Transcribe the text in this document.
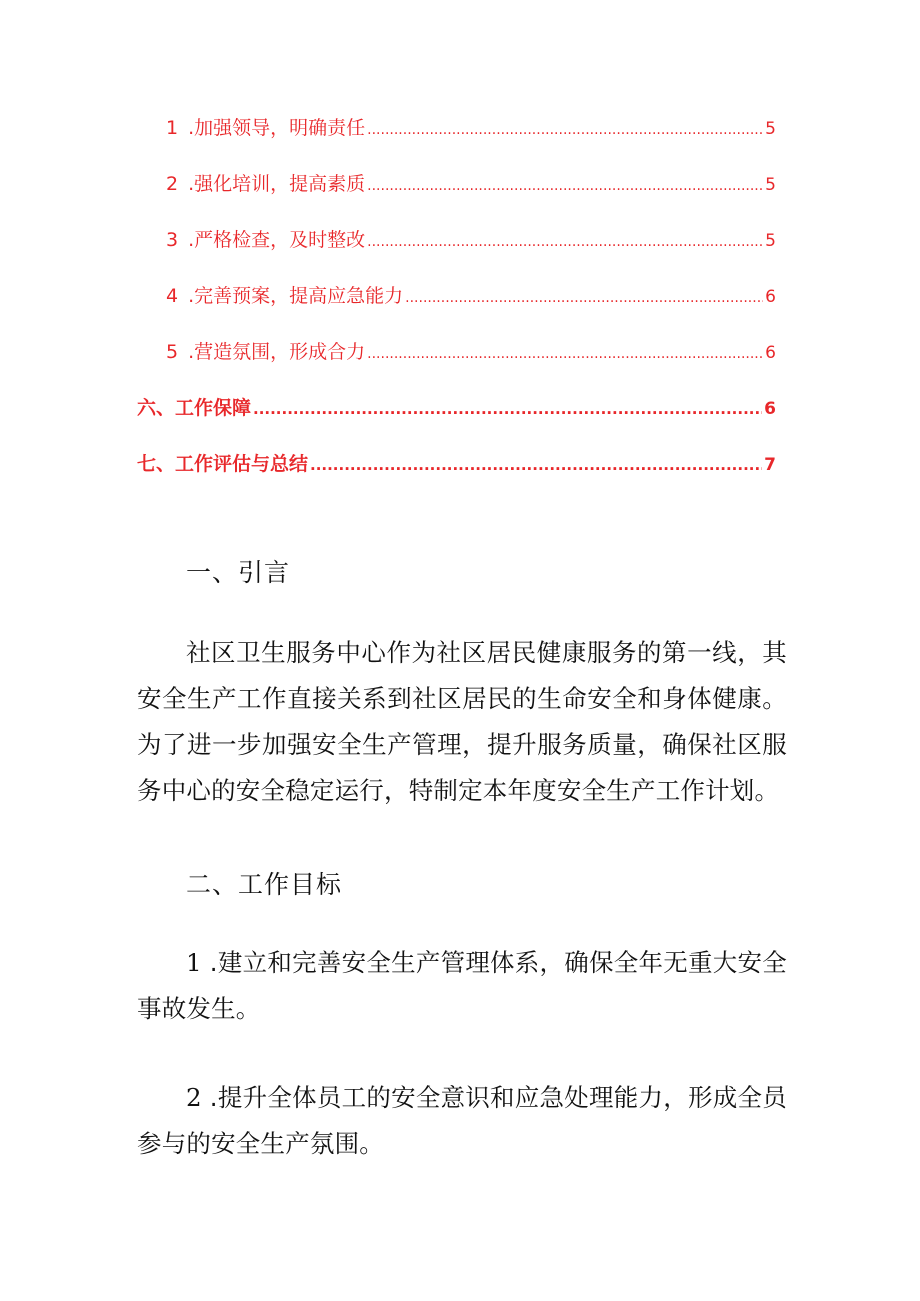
1 .加强领导，明确责任 .....	5
2 .强化培训，提高素质 .....	5
3 .严格检查，及时整改 .....	5
4 .完善预案，提高应急能力 .....	6
5 .营造氛围，形成合力 .....	6
六、工作保障 .....	6
七、工作评估与总结 .....	7
一、引言
社区卫生服务中心作为社区居民健康服务的第一线，其安全生产工作直接关系到社区居民的生命安全和身体健康。为了进一步加强安全生产管理，提升服务质量，确保社区服务中心的安全稳定运行，特制定本年度安全生产工作计划。
二、工作目标
1 .建立和完善安全生产管理体系，确保全年无重大安全事故发生。
2 .提升全体员工的安全意识和应急处理能力，形成全员参与的安全生产氛围。
